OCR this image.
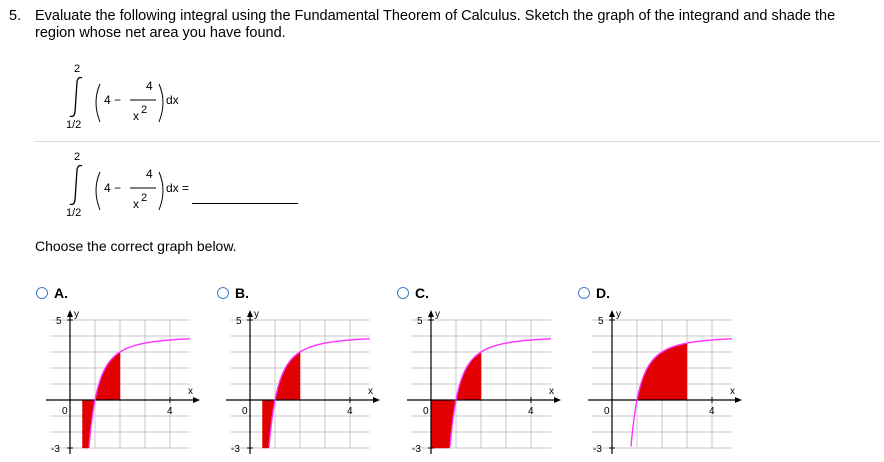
5. Evaluate the following integral using the Fundamental Theorem of Calculus. Sketch the graph of the integrand and shade the region whose net area you have found.
2
1/2
4 −
4
x 2
dx
2
1/2
4 −
4
x 2
dx =
Choose the correct graph below.
A.	B.	C.	D.
y
x
5
-3
0	4
y
x
5
-3
0	4
y
x
5
-3
0	4
y
x
5
-3
0	4
